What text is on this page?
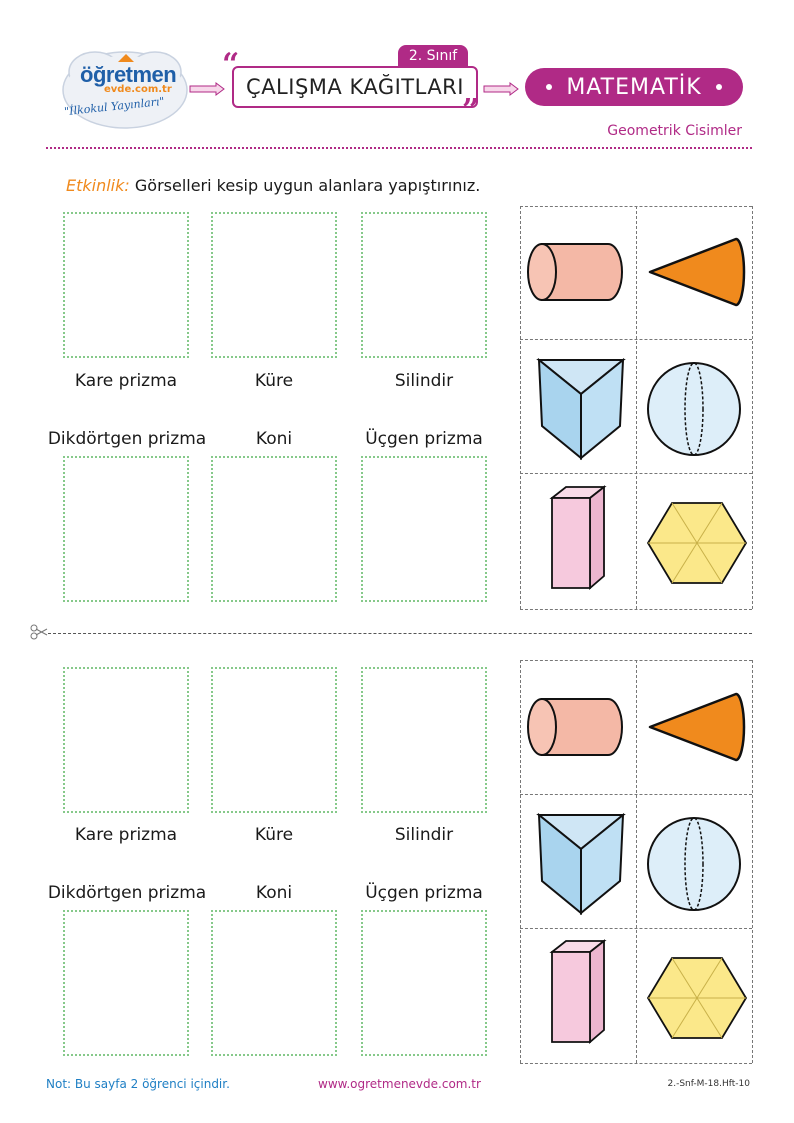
öğretmen
evde.com.tr
"İlkokul Yayınları"
2. Sınıf
“
ÇALIŞMA KAĞITLARI
”
MATEMATİK
Geometrik Cisimler
Etkinlik: Görselleri kesip uygun alanlara yapıştırınız.
Kare prizma	Küre	Silindir
Dikdörtgen prizma	Koni	Üçgen prizma
Kare prizma	Küre	Silindir
Dikdörtgen prizma	Koni	Üçgen prizma
Not: Bu sayfa 2 öğrenci içindir.	www.ogretmenevde.com.tr	2.-Snf-M-18.Hft-10
